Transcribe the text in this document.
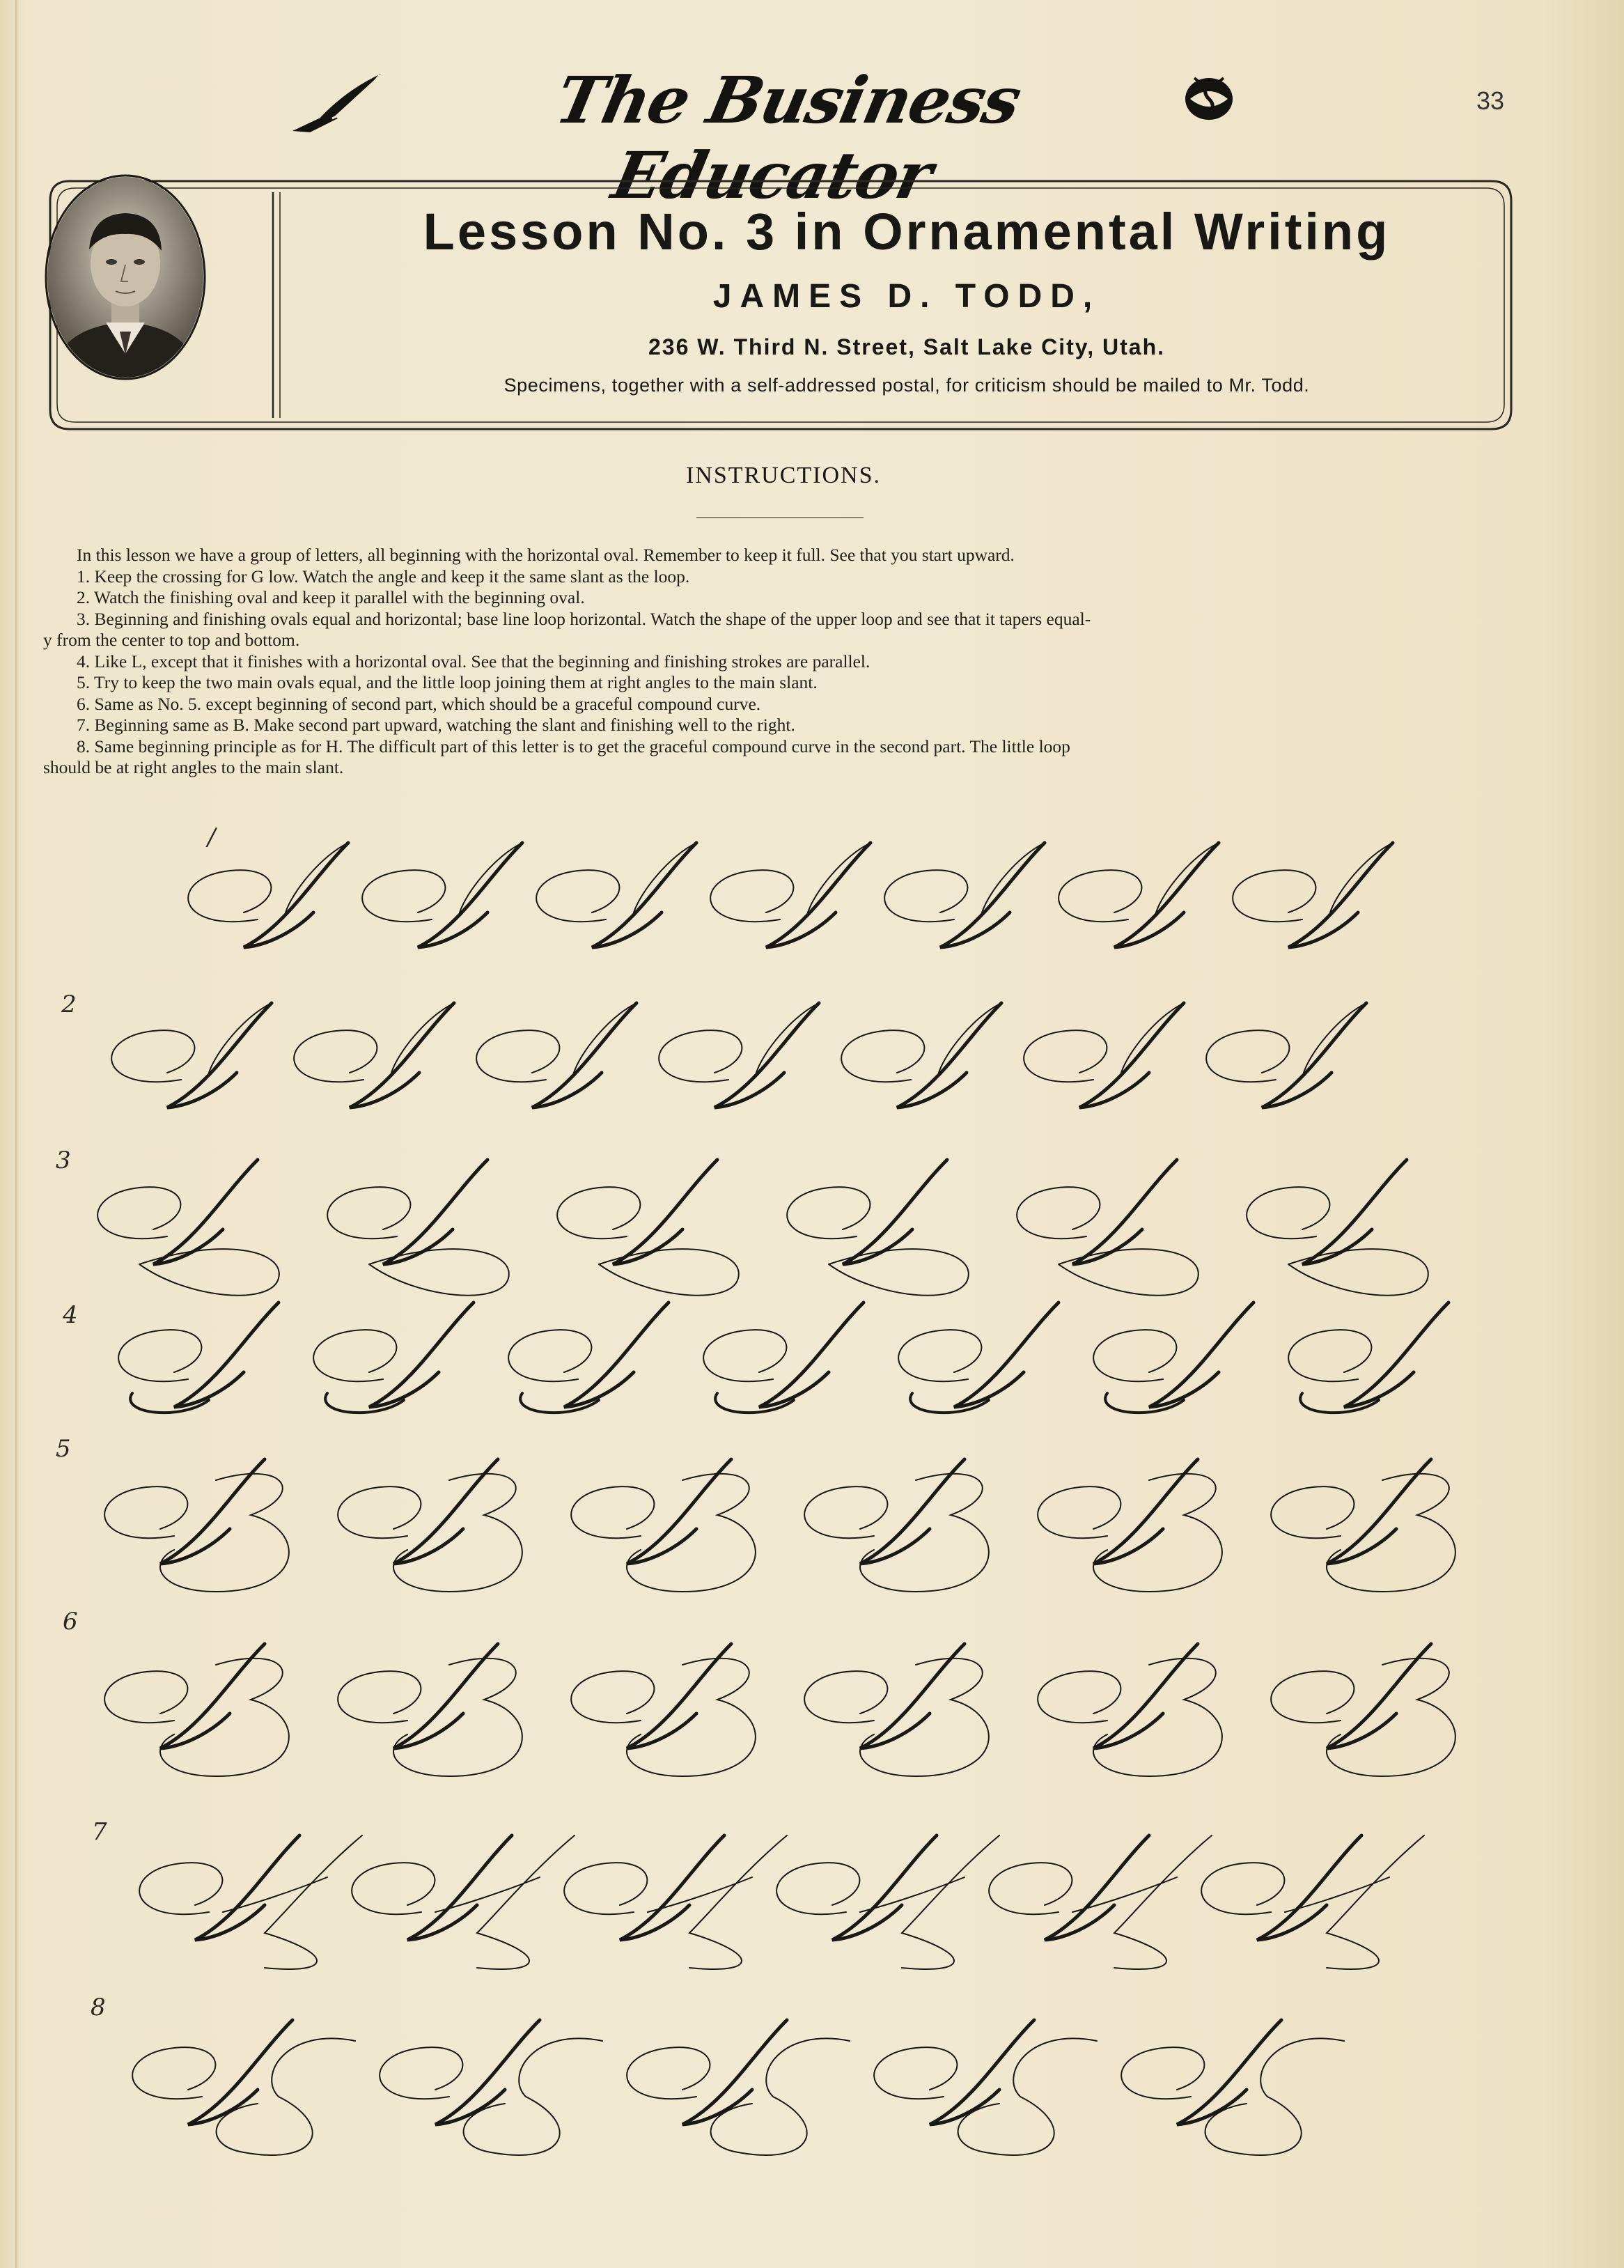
The Business Educator
33
Lesson No. 3 in Ornamental Writing
JAMES D. TODD,
236 W. Third N. Street, Salt Lake City, Utah.
Specimens, together with a self-addressed postal, for criticism should be mailed to Mr. Todd.
INSTRUCTIONS.

In this lesson we have a group of letters, all beginning with the horizontal oval. Remember to keep it full. See that you start upward.

1. Keep the crossing for G low. Watch the angle and keep it the same slant as the loop.

2. Watch the finishing oval and keep it parallel with the beginning oval.

3. Beginning and finishing ovals equal and horizontal; base line loop horizontal. Watch the shape of the upper loop and see that it tapers equal-

y from the center to top and bottom.

4. Like L, except that it finishes with a horizontal oval. See that the beginning and finishing strokes are parallel.

5. Try to keep the two main ovals equal, and the little loop joining them at right angles to the main slant.

6. Same as No. 5. except beginning of second part, which should be a graceful compound curve.

7. Beginning same as B. Make second part upward, watching the slant and finishing well to the right.

8. Same beginning principle as for H. The difficult part of this letter is to get the graceful compound curve in the second part. The little loop

should be at right angles to the main slant.

/
2
3
4
5
6
7
8
